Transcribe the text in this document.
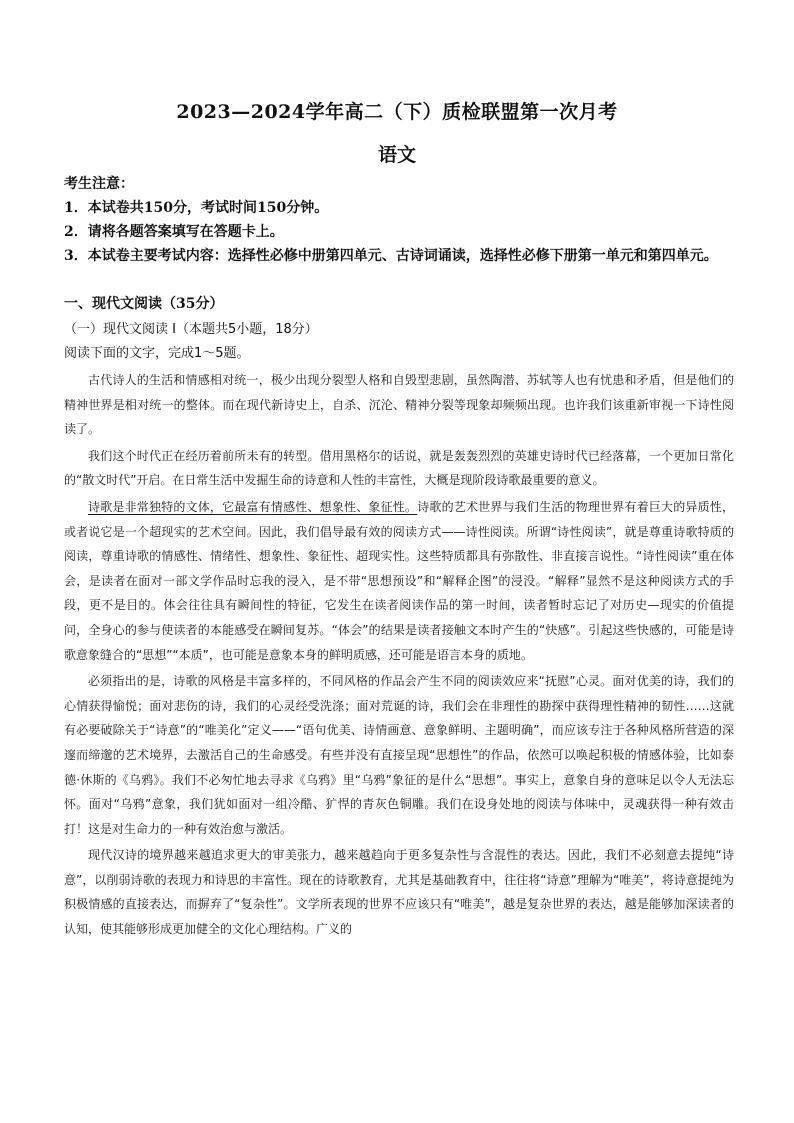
2023—2024学年高二（下）质检联盟第一次月考
语文

考生注意：

1．本试卷共150分，考试时间150分钟。

2．请将各题答案填写在答题卡上。

3．本试卷主要考试内容：选择性必修中册第四单元、古诗词诵读，选择性必修下册第一单元和第四单元。

一、现代文阅读（35分）
（一）现代文阅读 I（本题共5小题，18分）
阅读下面的文字，完成1～5题。

古代诗人的生活和情感相对统一，极少出现分裂型人格和自毁型悲剧，虽然陶潜、苏轼等人也有忧患和矛盾，但是他们的精神世界是相对统一的整体。而在现代新诗史上，自杀、沉沦、精神分裂等现象却频频出现。也许我们该重新审视一下诗性阅读了。

我们这个时代正在经历着前所未有的转型。借用黑格尔的话说，就是轰轰烈烈的英雄史诗时代已经落幕，一个更加日常化的“散文时代”开启。在日常生活中发掘生命的诗意和人性的丰富性，大概是现阶段诗歌最重要的意义。

诗歌是非常独特的文体，它最富有情感性、想象性、象征性。诗歌的艺术世界与我们生活的物理世界有着巨大的异质性，或者说它是一个超现实的艺术空间。因此，我们倡导最有效的阅读方式——诗性阅读。所谓“诗性阅读”，就是尊重诗歌特质的阅读，尊重诗歌的情感性、情绪性、想象性、象征性、超现实性。这些特质都具有弥散性、非直接言说性。“诗性阅读”重在体会，是读者在面对一部文学作品时忘我的浸入，是不带“思想预设”和“解释企图”的浸没。“解释”显然不是这种阅读方式的手段，更不是目的。体会往往具有瞬间性的特征，它发生在读者阅读作品的第一时间，读者暂时忘记了对历史—现实的价值提问，全身心的参与使读者的本能感受在瞬间复苏。“体会”的结果是读者接触文本时产生的“快感”。引起这些快感的，可能是诗歌意象缝合的“思想”“本质”，也可能是意象本身的鲜明质感，还可能是语言本身的质地。

必须指出的是，诗歌的风格是丰富多样的，不同风格的作品会产生不同的阅读效应来“抚慰”心灵。面对优美的诗，我们的心情获得愉悦；面对悲伤的诗，我们的心灵经受洗涤；面对荒诞的诗，我们会在非理性的勘探中获得理性精神的韧性……这就有必要破除关于“诗意”的“唯美化”定义——“语句优美、诗情画意、意象鲜明、主题明确”，而应该专注于各种风格所营造的深邃而缔邈的艺术境界，去激活自己的生命感受。有些并没有直接呈现“思想性”的作品，依然可以唤起积极的情感体验，比如泰德·休斯的《乌鸦》。我们不必匆忙地去寻求《乌鸦》里“乌鸦”象征的是什么“思想”。事实上，意象自身的意味足以令人无法忘怀。面对“乌鸦”意象，我们犹如面对一组冷酷、犷悍的青灰色铜雕。我们在设身处地的阅读与体味中，灵魂获得一种有效击打！这是对生命力的一种有效治愈与激活。

现代汉诗的境界越来越追求更大的审美张力，越来越趋向于更多复杂性与含混性的表达。因此，我们不必刻意去提纯“诗意”，以削弱诗歌的表现力和诗思的丰富性。现在的诗歌教育，尤其是基础教育中，往往将“诗意”理解为“唯美”，将诗意提纯为积极情感的直接表达，而摒弃了“复杂性”。文学所表现的世界不应该只有“唯美”，越是复杂世界的表达，越是能够加深读者的认知，使其能够形成更加健全的文化心理结构。广义的
